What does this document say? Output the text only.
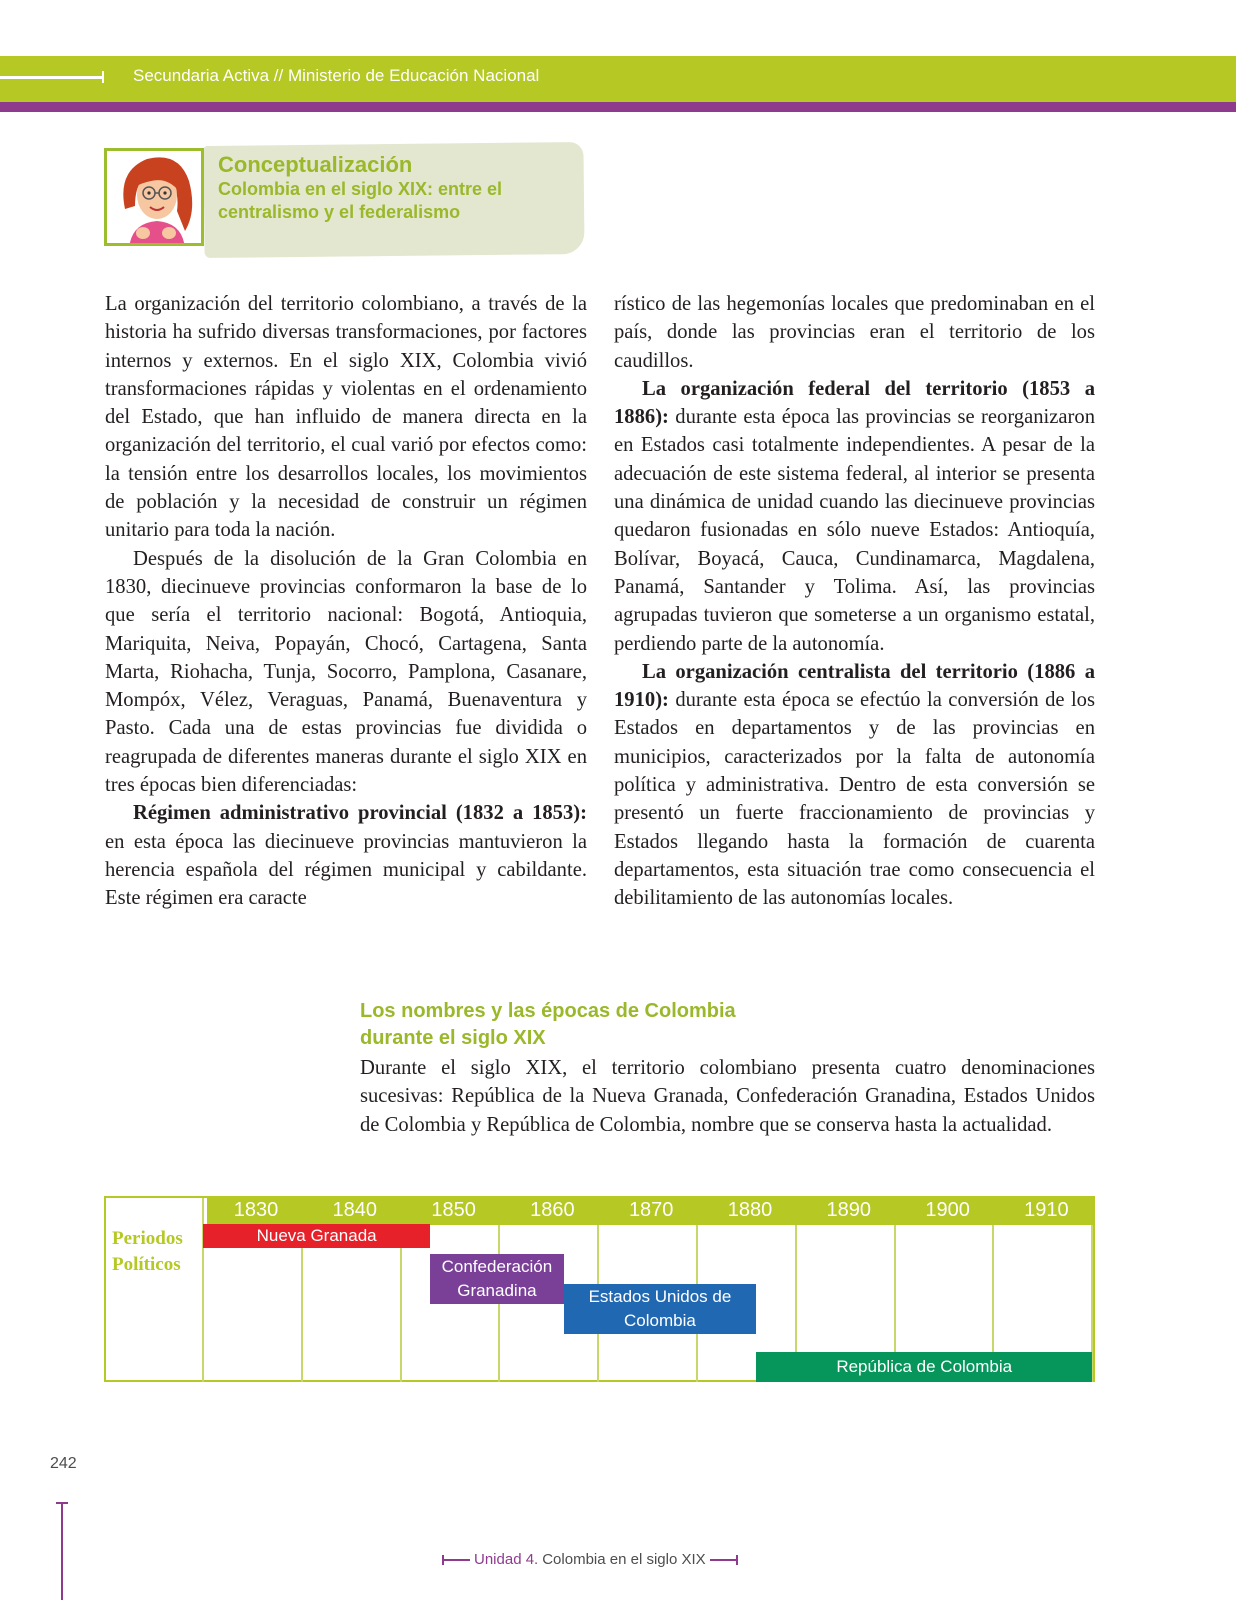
Secundaria Activa // Ministerio de Educación Nacional
Conceptualización
Colombia en el siglo XIX: entre el
centralismo y el federalismo

La organización del territorio colombiano, a través de la historia ha sufrido diversas transformaciones, por factores internos y externos. En el siglo XIX, Colombia vivió transformaciones rápidas y violentas en el ordenamiento del Estado, que han influido de manera directa en la organización del territorio, el cual varió por efectos como: la tensión entre los desarrollos locales, los movimientos de población y la necesidad de construir un régimen unitario para toda la nación.

Después de la disolución de la Gran Colombia en 1830, diecinueve provincias conformaron la base de lo que sería el territorio nacional: Bogotá, Antioquia, Mariquita, Neiva, Popayán, Chocó, Cartagena, Santa Marta, Riohacha, Tunja, Socorro, Pamplona, Casanare, Mompóx, Vélez, Veraguas, Panamá, Buenaventura y Pasto. Cada una de estas provincias fue dividida o reagrupada de diferentes maneras durante el siglo XIX en tres épocas bien diferenciadas:

Régimen administrativo provincial (1832 a 1853): en esta época las diecinueve provincias mantuvieron la herencia española del régimen municipal y cabildante. Este régimen era caracte

rístico de las hegemonías locales que predominaban en el país, donde las provincias eran el territorio de los caudillos.

La organización federal del territorio (1853 a 1886): durante esta época las provincias se reorganizaron en Estados casi totalmente independientes. A pesar de la adecuación de este sistema federal, al interior se presenta una dinámica de unidad cuando las diecinueve provincias quedaron fusionadas en sólo nueve Estados: Antioquía, Bolívar, Boyacá, Cauca, Cundinamarca, Magdalena, Panamá, Santander y Tolima. Así, las provincias agrupadas tuvieron que someterse a un organismo estatal, perdiendo parte de la autonomía.

La organización centralista del territorio (1886 a 1910): durante esta época se efectúo la conversión de los Estados en departamentos y de las provincias en municipios, caracterizados por la falta de autonomía política y administrativa. Dentro de esta conversión se presentó un fuerte fraccionamiento de provincias y Estados llegando hasta la formación de cuarenta departamentos, esta situación trae como consecuencia el debilitamiento de las autonomías locales.

Los nombres y las épocas de Colombia
durante el siglo XIX
Durante el siglo XIX, el territorio colombiano presenta cuatro denominaciones sucesivas: República de la Nueva Granada, Confederación Granadina, Estados Unidos de Colombia y República de Colombia, nombre que se conserva hasta la actualidad.
1830	1840	1850	1860	1870	1880	1890	1900	1910
Periodos
Políticos
Nueva Granada
Confederación
Granadina	Estados Unidos de
Colombia
República de Colombia
242
Unidad 4. Colombia en el siglo XIX
